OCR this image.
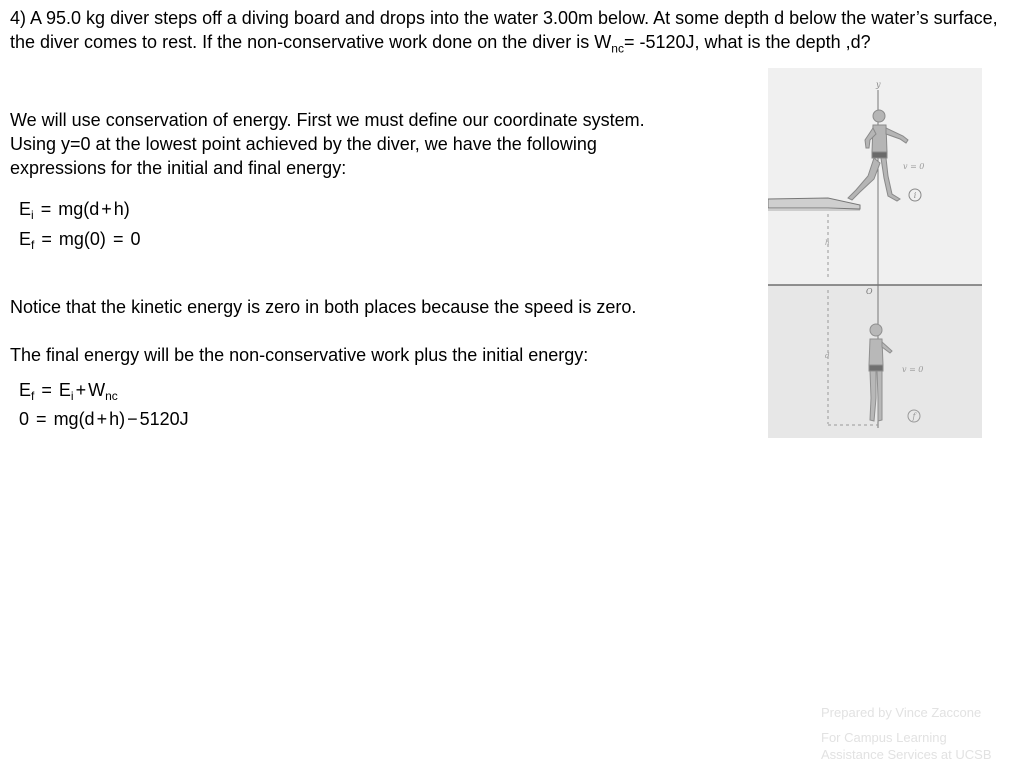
4) A 95.0 kg diver steps off a diving board and drops into the water 3.00m below. At some depth d below the water’s surface, the diver comes to rest. If the non-conservative work done on the diver is $W_{nc}= -5120J$, what is the depth ,d?

We will use conservation of energy. First we must define our coordinate system.
Using y=0 at the lowest point achieved by the diver, we have the following
expressions for the initial and final energy:
$E_i = mg(d + h)$
$E_f = mg(0) = 0$
Notice that the kinetic energy is zero in both places because the speed is zero.
The final energy will be the non-conservative work plus the initial energy:
$E_f = E_i + W_{nc}$
0 = mg(d + h) − 5120J
y
v = 0
i
h
d
O
v = 0
f
Prepared by Vince Zaccone
For Campus Learning
Assistance Services at UCSB
